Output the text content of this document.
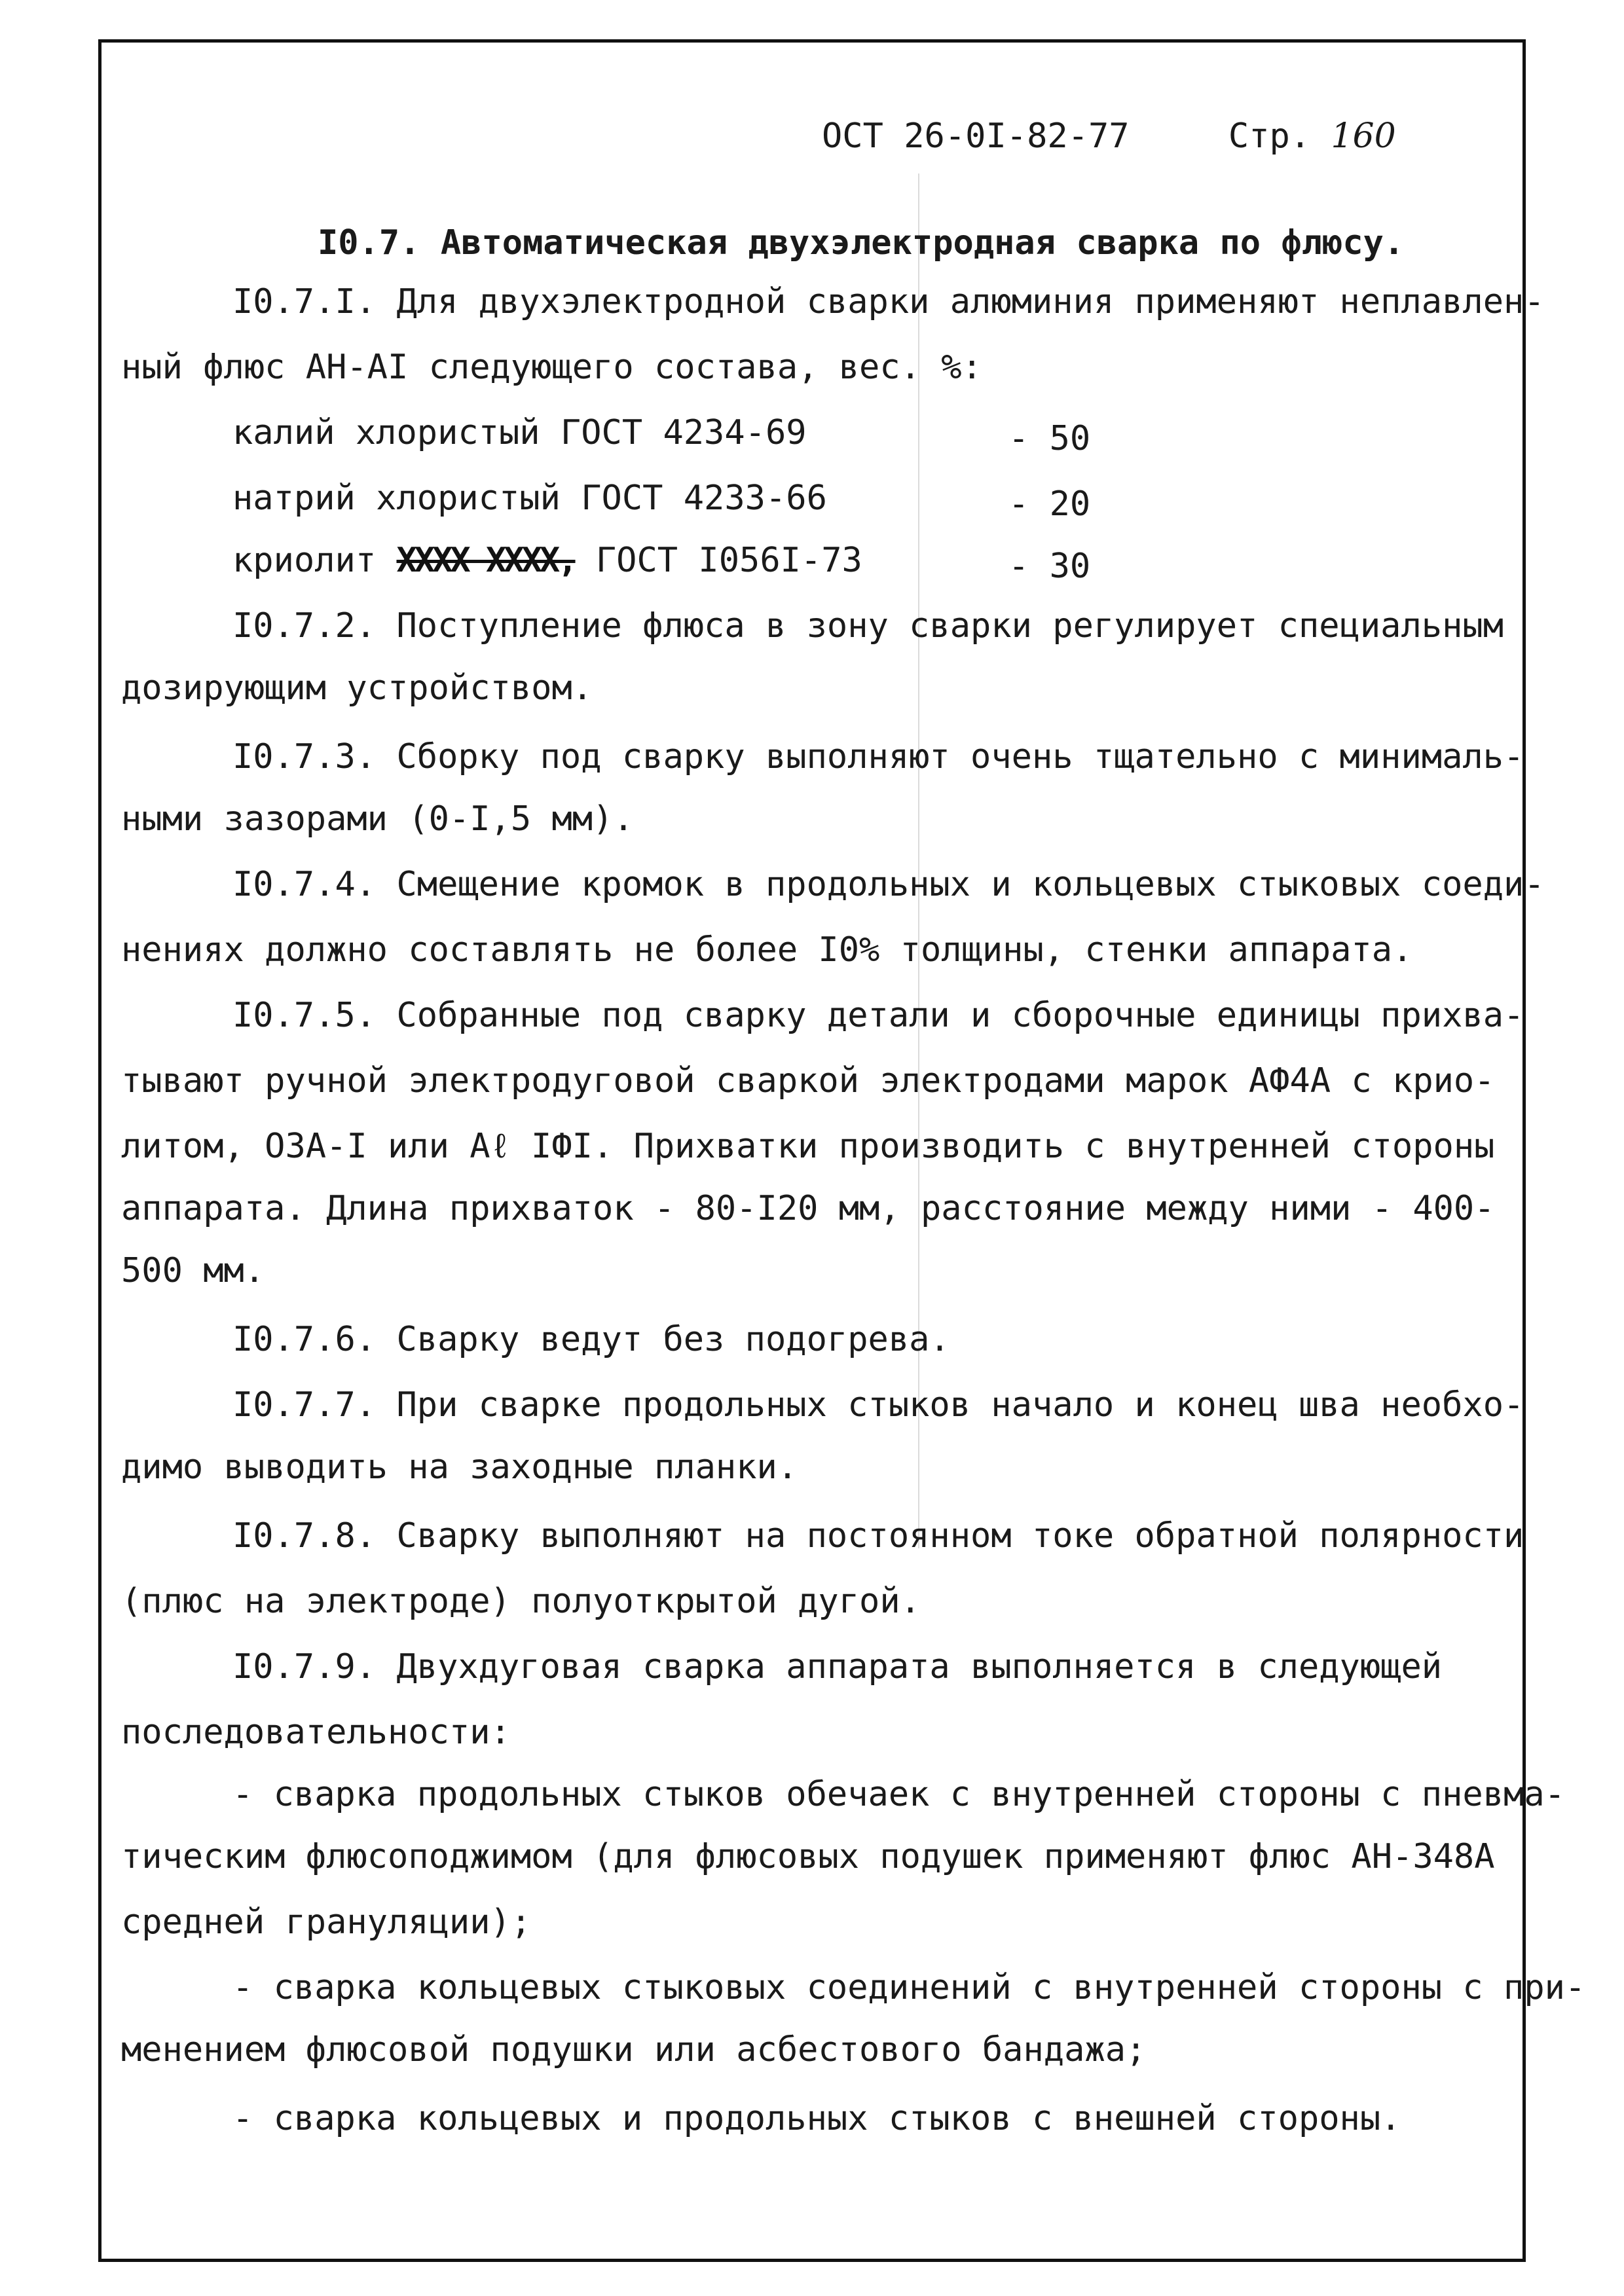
ОСТ 26-0I-82-77	Стр. 160
I0.7. Автоматическая двухэлектродная сварка по флюсу.
I0.7.I. Для двухэлектродной сварки алюминия применяют неплавлен-
ный флюс АН-АI следующего состава, вес. %:
калий хлористый ГОСТ 4234-69	- 50
натрий хлористый ГОСТ 4233-66	- 20
криолит ХХХХ ХХХХ, ГОСТ I056I-73	- 30
I0.7.2. Поступление флюса в зону сварки регулирует специальным
дозирующим устройством.
I0.7.3. Сборку под сварку выполняют очень тщательно с минималь-
ными зазорами (0-I,5 мм).
I0.7.4. Смещение кромок в продольных и кольцевых стыковых соеди-
нениях должно составлять не более I0% толщины, стенки аппарата.
I0.7.5. Собранные под сварку детали и сборочные единицы прихва-
тывают ручной электродуговой сваркой электродами марок АФ4А с крио-
литом, ОЗА-I или Аℓ IФI. Прихватки производить с внутренней стороны
аппарата. Длина прихваток - 80-I20 мм, расстояние между ними - 400-
500 мм.
I0.7.6. Сварку ведут без подогрева.
I0.7.7. При сварке продольных стыков начало и конец шва необхо-
димо выводить на заходные планки.
I0.7.8. Сварку выполняют на постоянном токе обратной полярности
(плюс на электроде) полуоткрытой дугой.
I0.7.9. Двухдуговая сварка аппарата выполняется в следующей
последовательности:
- сварка продольных стыков обечаек с внутренней стороны с пневма-
тическим флюсоподжимом (для флюсовых подушек применяют флюс АН-348А
средней грануляции);
- сварка кольцевых стыковых соединений с внутренней стороны с при-
менением флюсовой подушки или асбестового бандажа;
- сварка кольцевых и продольных стыков с внешней стороны.
